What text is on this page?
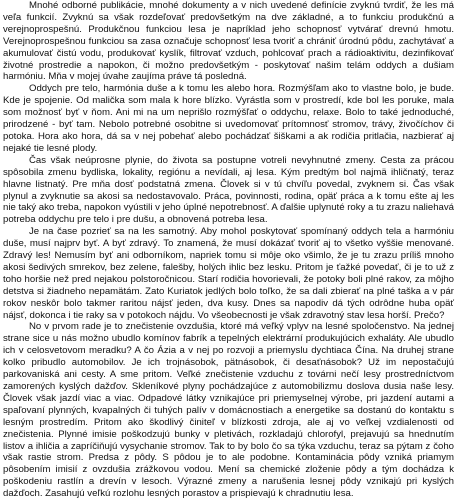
Mnohé odborné publikácie, mnohé dokumenty a v nich uvedené definície zvyknú tvrdiť, že les má veľa funkcií. Zvyknú sa však rozdeľovať predovšetkým na dve základné, a to funkciu produkčnú a verejnoprospešnú. Produkčnou funkciou lesa je napríklad jeho schopnosť vytvárať drevnú hmotu. Verejnoprospešnou funkciou sa zasa označuje schopnosť lesa tvoriť a chrániť úrodnú pôdu, zachytávať a akumulovať čistú vodu, produkovať kyslík, filtrovať vzduch, pohlcovať prach a rádioaktivitu, dezinfikovať životné prostredie a napokon, či možno predovšetkým - poskytovať našim telám oddych a dušiam harmóniu. Mňa v mojej úvahe zaujíma práve tá posledná.

Oddych pre telo, harmónia duše a k tomu les alebo hora. Rozmýšľam ako to vlastne bolo, je bude. Kde je spojenie. Od malička som mala k hore blízko. Vyrástla som v prostredí, kde bol les poruke, mala som možnosť byť v ňom. Ani mi na um neprišlo rozmýšľať o oddychu, relaxe. Bolo to také jednoduché, prirodzené - byť tam. Nebolo potrebné osobitne si uvedomovať prítomnosť stromov, trávy, živočíchov či potoka. Hora ako hora, dá sa v nej pobehať alebo pochádzať šiškami a ak rodičia pritlačia, nazbierať aj nejaké tie lesné plody.

Čas však neúprosne plynie, do života sa postupne votreli nevyhnutné zmeny. Cesta za prácou spôsobila zmenu bydliska, lokality, regiónu a nevídali, aj lesa. Kým predtým bol najmä ihličnatý, teraz hlavne listnatý. Pre mňa dosť podstatná zmena. Človek si v tú chvíľu povedal, zvyknem si. Čas však plynul a zvyknutie sa akosi sa nedostavovalo. Práca, povinnosti, rodina, opäť práca a k tomu ešte aj les nie taký ako treba, napokon vyústili v jeho úplné nepotrebnosť. A ďalšie uplynuté roky a tu zrazu naliehavá potreba oddychu pre telo i pre dušu, a obnovená potreba lesa.

Je na čase pozrieť sa na les samotný. Aby mohol poskytovať spomínaný oddych tela a harmóniu duše, musí najprv byť. A byť zdravý. To znamená, že musí dokázať tvoriť aj to všetko vyššie menované. Zdravý les! Nemusím byť ani odborníkom, napriek tomu si môje oko všimlo, že je tu zrazu príliš mnoho akosi šedivých smrekov, bez zelene, falešby, holých ihlic bez lesku. Pritom je ťažké povedať, či je to už z toho horšie než pred nejakou polstoročnicou. Starí rodičia hovorievali, že potoky boli plné rakov, za môjho detstva si žiadneho nepamätám. Zato Kuriatok jedlých bolo toľko, že sa dali zbierať na plné taška a v pár rokov neskôr bolo takmer raritou nájsť jeden, dva kusy. Dnes sa napodiv dá tých odrôdne huba opäť nájsť, dokonca i tie raky sa v potokoch nájdu. Vo všeobecnosti je však zdravotný stav lesa horší. Prečo?

No v prvom rade je to znečistenie ovzdušia, ktoré má veľký vplyv na lesné spoločenstvo. Na jednej strane sice u nás možno ubudlo komínov fabrík a tepelných elektrární produkujúcich exhaláty. Ale ubudlo ich v celosvetovom meradku? A čo Ázia a v nej po rozvoji a priemyslu dychtiaca Čína. Na druhej strane kolko pribudlo automobilov. Je ich trojnásobok, pätnásobok, či desaťnásobok? Už im nepostačujú parkovaniská ani cesty. A sme pritom. Veľké znečistenie vzduchu z továrni nečí lesy prostredníctvom zamorených kyslých dažďov. Skleníkové plyny pochádzajúce z automobilizmu doslova dusia naše lesy. Človek však jazdí viac a viac. Odpadové látky vznikajúce pri priemyselnej výrobe, pri jazdení autami a spaľovaní plynných, kvapalných či tuhých palív v domácnostiach a energetike sa dostanú do kontaktu s lesným prostredím. Pritom ako škodlivý činiteľ v blízkosti zdroja, ale aj vo veľkej vzdialenosti od znečistenia. Plynné imisie poškodzujú bunky v pletivách, rozkladajú chlorofyl, prejavujú sa hnednutím listov a ihličia a zapríčiňujú vysychanie stromov. Tak to by bolo čo sa týka vzduchu, teraz sa pýtam z čoho však rastie strom. Predsa z pôdy. S pôdou je to ale podobne. Kontaminácia pôdy vzniká priamym pôsobením imisií z ovzdušia zrážkovou vodou. Mení sa chemické zloženie pôdy a tým dochádza k poškodeniu rastlín a drevín v lesoch. Výrazné zmeny a narušenia lesnej pôdy vznikajú pri kyslých dažďoch. Zasahujú veľkú rozlohu lesných porastov a prispievajú k chradnutiu lesa.
